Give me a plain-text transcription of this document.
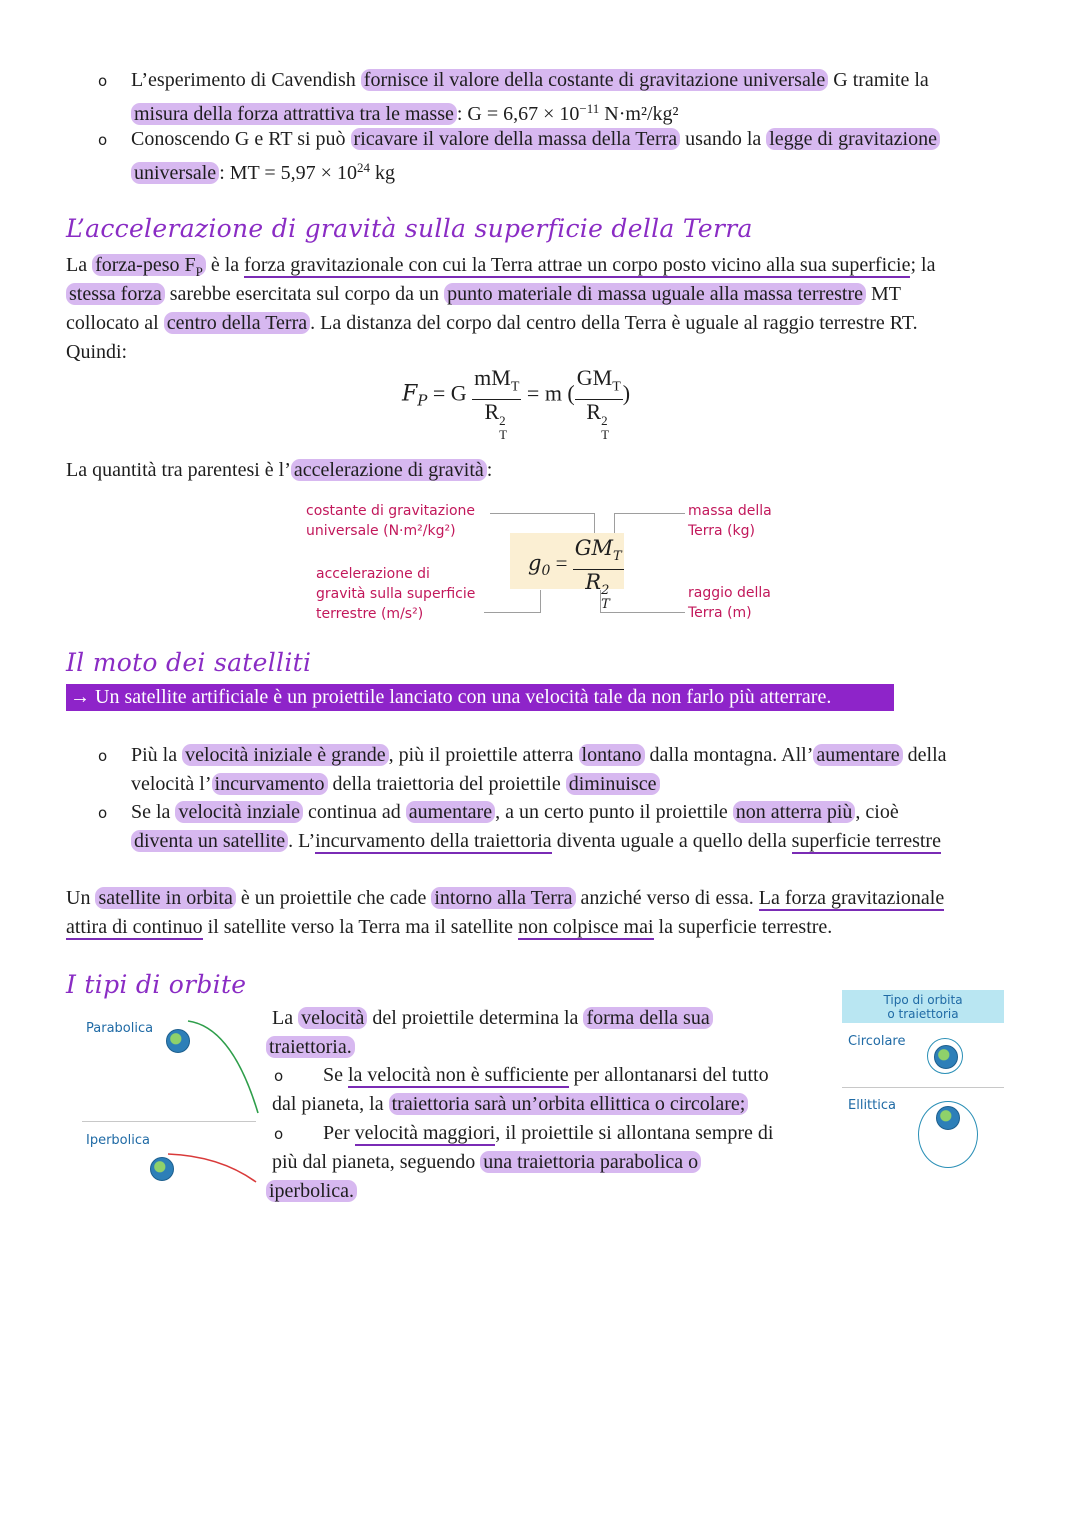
o L’esperimento di Cavendish fornisce il valore della costante di gravitazione universale G tramite la
misura della forza attrattiva tra le masse : $G = 6,67 \times 10^{-11}$ N·m²/kg²
o Conoscendo G e RT si può ricavare il valore della massa della Terra usando la legge di gravitazione
universale : MT = $5,97 \times 10^{24}$ kg
L’accelerazione di gravità sulla superficie della Terra
La forza-peso $F_P$ è la forza gravitazionale con cui la Terra attrae un corpo posto vicino alla sua superficie; la
stessa forza sarebbe esercitata sul corpo da un punto materiale di massa uguale alla massa terrestre MT
collocato al centro della Terra . La distanza del corpo dal centro della Terra è uguale al raggio terrestre RT.
Quindi:
$F_P = G$ $mM_T$
R 2
T = m ( $GM_T$
R 2
T )
La quantità tra parentesi è l’ accelerazione di gravità :
costante di gravitazione
universale (N·m²/kg²)
accelerazione di
gravità sulla superficie
terrestre (m/s²)
massa della
Terra (kg)
raggio della
Terra (m)
$g_0 = GM_T$
R 2
T
Il moto dei satelliti
→ Un satellite artificiale è un proiettile lanciato con una velocità tale da non farlo più atterrare.
o Più la velocità iniziale è grande , più il proiettile atterra lontano dalla montagna. All’ aumentare della
velocità l’ incurvamento della traiettoria del proiettile diminuisce
o Se la velocità inziale continua ad aumentare , a un certo punto il proiettile non atterra più , cioè
diventa un satellite . L’incurvamento della traiettoria diventa uguale a quello della superficie terrestre
Un satellite in orbita è un proiettile che cade intorno alla Terra anziché verso di essa. La forza gravitazionale
attira di continuo il satellite verso la Terra ma il satellite non colpisce mai la superficie terrestre.
I tipi di orbite
Parabolica
Iperbolica
La velocità del proiettile determina la forma della sua
traiettoria.
o Se la velocità non è sufficiente per allontanarsi del tutto
dal pianeta, la traiettoria sarà un’orbita ellittica o circolare;
o Per velocità maggiori, il proiettile si allontana sempre di
più dal pianeta, seguendo una traiettoria parabolica o
iperbolica.
Tipo di orbita
o traiettoria
Circolare
Ellittica
